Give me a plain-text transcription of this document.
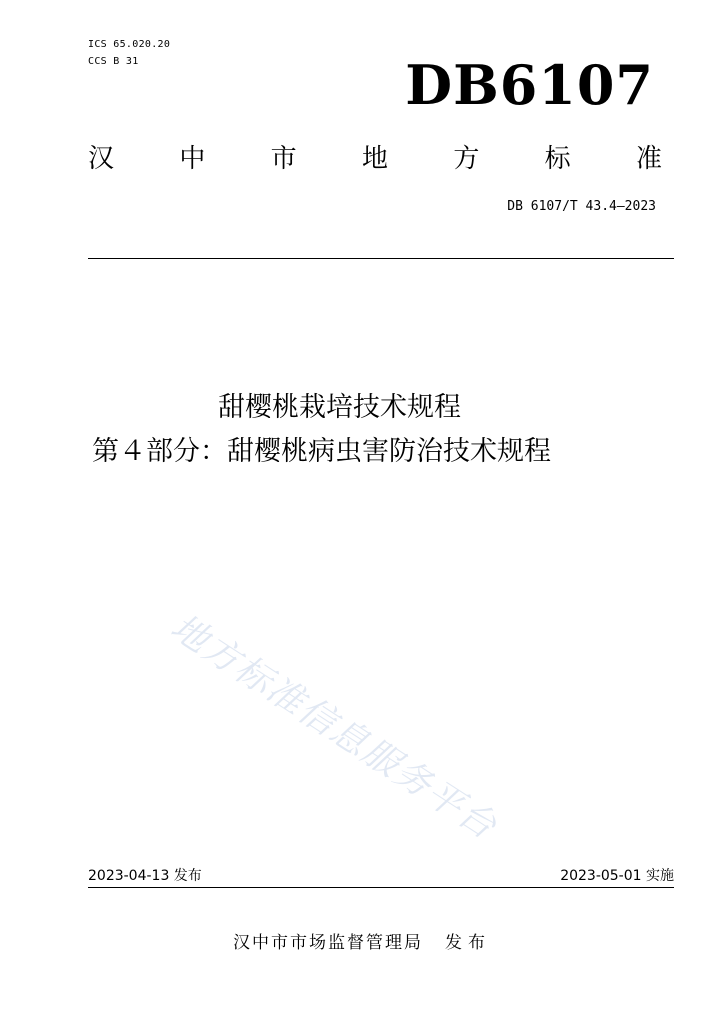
ICS 65.020.20
CCS B 31	DB6107
汉	中	市	地	方	标	准
DB 6107/T 43.4—2023
甜樱桃栽培技术规程
第４部分：甜樱桃病虫害防治技术规程
地方标准信息服务平台
2023-04-13 发布	2023-05-01 实施
汉中市市场监督管理局 发布
